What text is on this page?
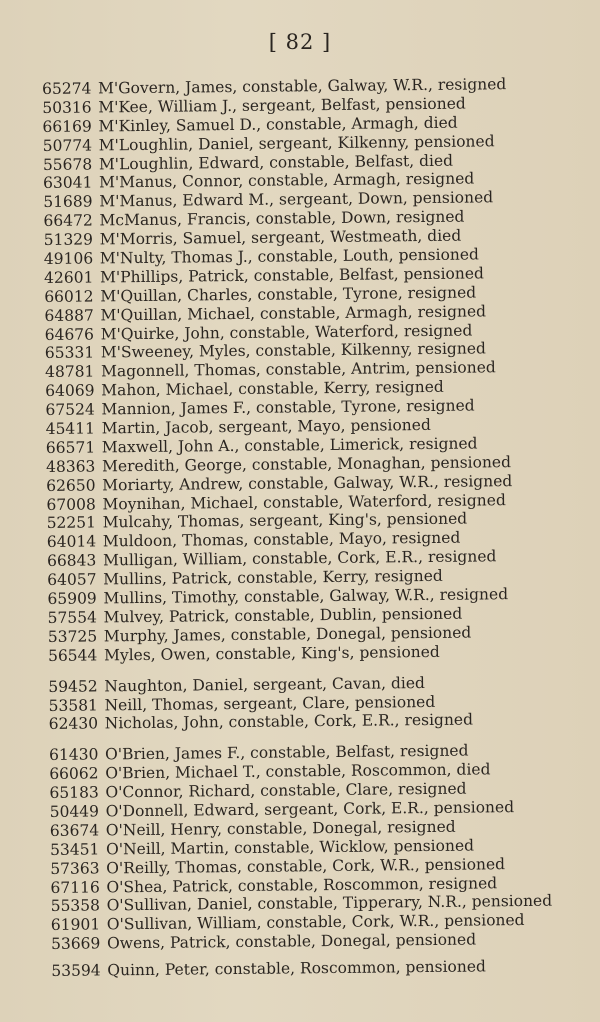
[ 82 ]
65274 M'Govern, James, constable, Galway, W.R., resigned
50316 M'Kee, William J., sergeant, Belfast, pensioned
66169 M'Kinley, Samuel D., constable, Armagh, died
50774 M'Loughlin, Daniel, sergeant, Kilkenny, pensioned
55678 M'Loughlin, Edward, constable, Belfast, died
63041 M'Manus, Connor, constable, Armagh, resigned
51689 M'Manus, Edward M., sergeant, Down, pensioned
66472 McManus, Francis, constable, Down, resigned
51329 M'Morris, Samuel, sergeant, Westmeath, died
49106 M'Nulty, Thomas J., constable, Louth, pensioned
42601 M'Phillips, Patrick, constable, Belfast, pensioned
66012 M'Quillan, Charles, constable, Tyrone, resigned
64887 M'Quillan, Michael, constable, Armagh, resigned
64676 M'Quirke, John, constable, Waterford, resigned
65331 M'Sweeney, Myles, constable, Kilkenny, resigned
48781 Magonnell, Thomas, constable, Antrim, pensioned
64069 Mahon, Michael, constable, Kerry, resigned
67524 Mannion, James F., constable, Tyrone, resigned
45411 Martin, Jacob, sergeant, Mayo, pensioned
66571 Maxwell, John A., constable, Limerick, resigned
48363 Meredith, George, constable, Monaghan, pensioned
62650 Moriarty, Andrew, constable, Galway, W.R., resigned
67008 Moynihan, Michael, constable, Waterford, resigned
52251 Mulcahy, Thomas, sergeant, King's, pensioned
64014 Muldoon, Thomas, constable, Mayo, resigned
66843 Mulligan, William, constable, Cork, E.R., resigned
64057 Mullins, Patrick, constable, Kerry, resigned
65909 Mullins, Timothy, constable, Galway, W.R., resigned
57554 Mulvey, Patrick, constable, Dublin, pensioned
53725 Murphy, James, constable, Donegal, pensioned
56544 Myles, Owen, constable, King's, pensioned
59452 Naughton, Daniel, sergeant, Cavan, died
53581 Neill, Thomas, sergeant, Clare, pensioned
62430 Nicholas, John, constable, Cork, E.R., resigned
61430 O'Brien, James F., constable, Belfast, resigned
66062 O'Brien, Michael T., constable, Roscommon, died
65183 O'Connor, Richard, constable, Clare, resigned
50449 O'Donnell, Edward, sergeant, Cork, E.R., pensioned
63674 O'Neill, Henry, constable, Donegal, resigned
53451 O'Neill, Martin, constable, Wicklow, pensioned
57363 O'Reilly, Thomas, constable, Cork, W.R., pensioned
67116 O'Shea, Patrick, constable, Roscommon, resigned
55358 O'Sullivan, Daniel, constable, Tipperary, N.R., pensioned
61901 O'Sullivan, William, constable, Cork, W.R., pensioned
53669 Owens, Patrick, constable, Donegal, pensioned
53594 Quinn, Peter, constable, Roscommon, pensioned
